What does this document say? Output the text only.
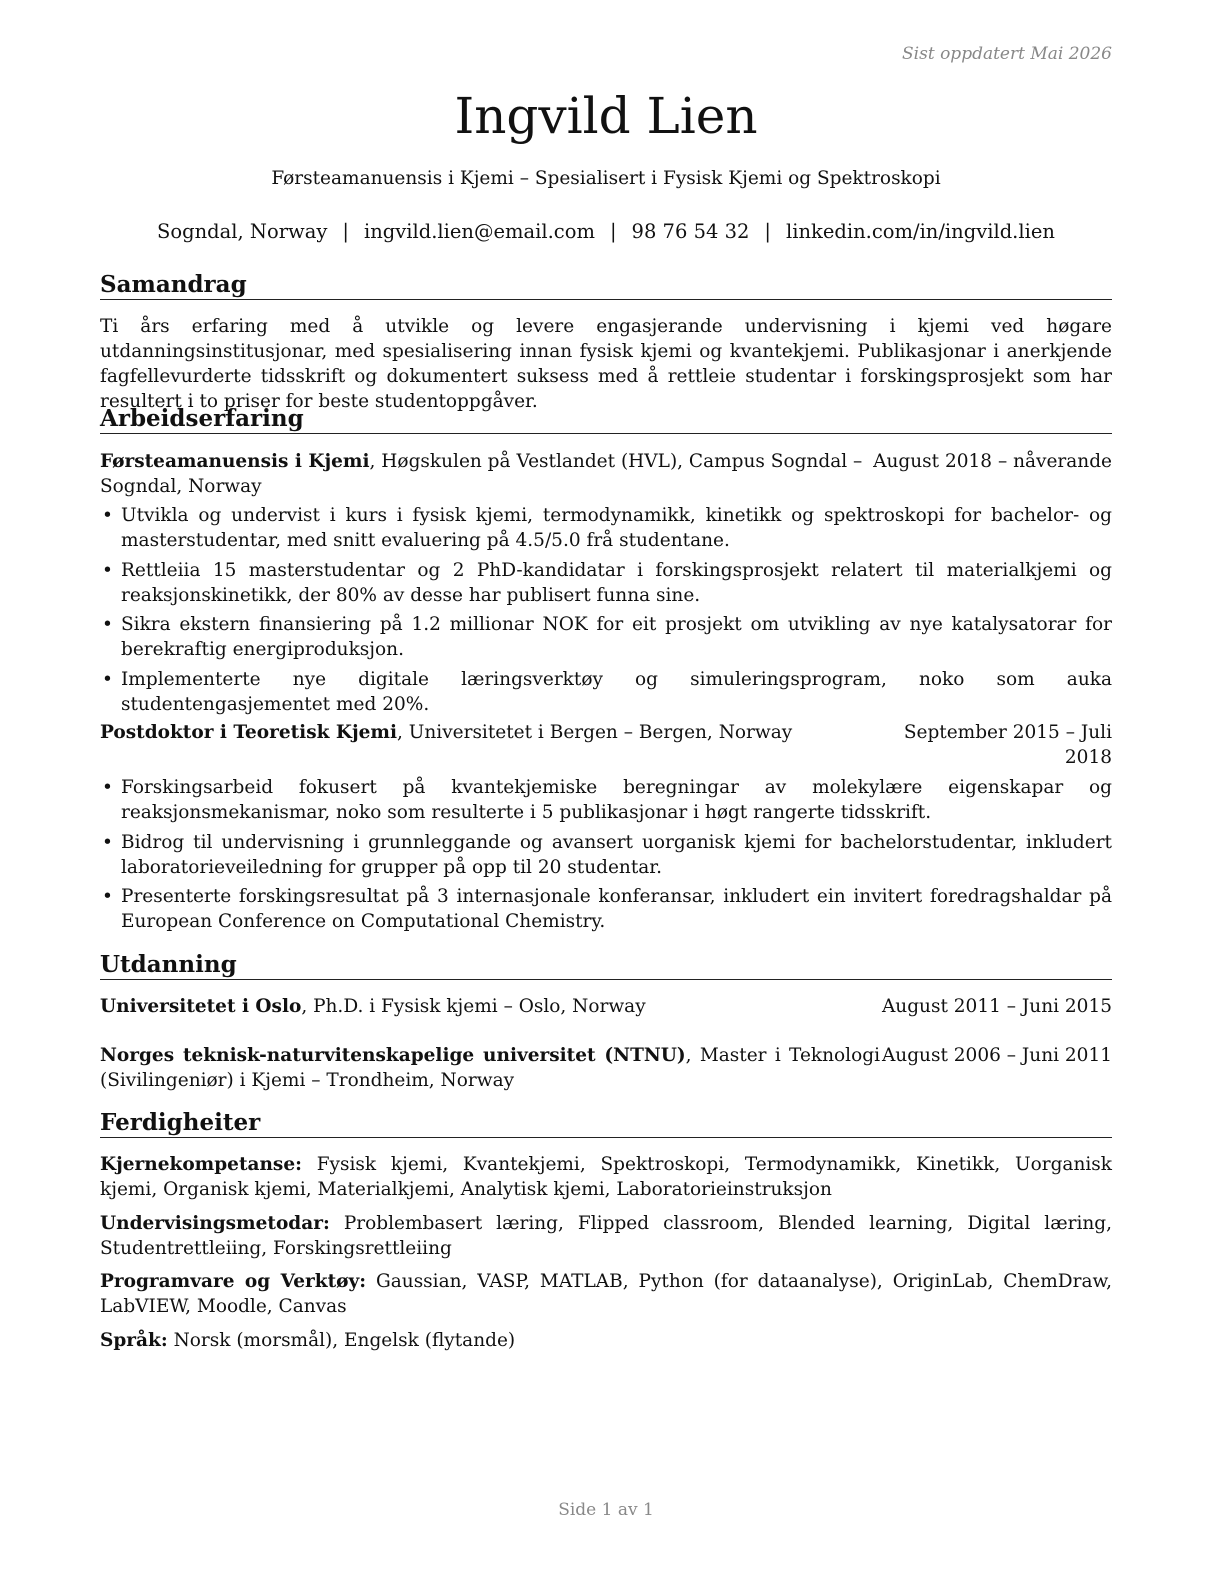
Sist oppdatert Mai 2026
Ingvild Lien
Førsteamanuensis i Kjemi – Spesialisert i Fysisk Kjemi og Spektroskopi
Sogndal, Norway | ingvild.lien@email.com | 98 76 54 32 | linkedin.com/in/ingvild.lien
Samandrag
Ti års erfaring med å utvikle og levere engasjerande undervisning i kjemi ved høgare utdanningsinstitusjonar, med spesialisering innan fysisk kjemi og kvantekjemi. Publikasjonar i anerkjende fagfellevurderte tidsskrift og dokumentert suksess med å rettleie studentar i forskingsprosjekt som har resultert i to priser for beste studentoppgåver.
Arbeidserfaring
Førsteamanuensis i Kjemi, Høgskulen på Vestlandet (HVL), Campus Sogndal – Sogndal, Norway
August 2018 – nåverande
• Utvikla og undervist i kurs i fysisk kjemi, termodynamikk, kinetikk og spektroskopi for bachelor- og masterstudentar, med snitt evaluering på 4.5/5.0 frå studentane.
• Rettleiia 15 masterstudentar og 2 PhD-kandidatar i forskingsprosjekt relatert til materialkjemi og reaksjonskinetikk, der 80% av desse har publisert funna sine.
• Sikra ekstern finansiering på 1.2 millionar NOK for eit prosjekt om utvikling av nye katalysatorar for berekraftig energiproduksjon.
• Implementerte nye digitale læringsverktøy og simuleringsprogram, noko som auka studentengasjementet med 20%.
Postdoktor i Teoretisk Kjemi, Universitetet i Bergen – Bergen, Norway	September 2015 – Juli 2018
• Forskingsarbeid fokusert på kvantekjemiske beregningar av molekylære eigenskapar og reaksjonsmekanismar, noko som resulterte i 5 publikasjonar i høgt rangerte tidsskrift.
• Bidrog til undervisning i grunnleggande og avansert uorganisk kjemi for bachelorstudentar, inkludert laboratorieveiledning for grupper på opp til 20 studentar.
• Presenterte forskingsresultat på 3 internasjonale konferansar, inkludert ein invitert foredragshaldar på European Conference on Computational Chemistry.
Utdanning
Universitetet i Oslo, Ph.D. i Fysisk kjemi – Oslo, Norway	August 2011 – Juni 2015
Norges teknisk-naturvitenskapelige universitet (NTNU), Master i Teknologi (Sivilingeniør) i Kjemi – Trondheim, Norway
August 2006 – Juni 2011
Ferdigheiter
Kjernekompetanse: Fysisk kjemi, Kvantekjemi, Spektroskopi, Termodynamikk, Kinetikk, Uorganisk kjemi, Organisk kjemi, Materialkjemi, Analytisk kjemi, Laboratorieinstruksjon
Undervisingsmetodar: Problembasert læring, Flipped classroom, Blended learning, Digital læring, Studentrettleiing, Forskingsrettleiing
Programvare og Verktøy: Gaussian, VASP, MATLAB, Python (for dataanalyse), OriginLab, ChemDraw, LabVIEW, Moodle, Canvas
Språk: Norsk (morsmål), Engelsk (flytande)
Side 1 av 1
